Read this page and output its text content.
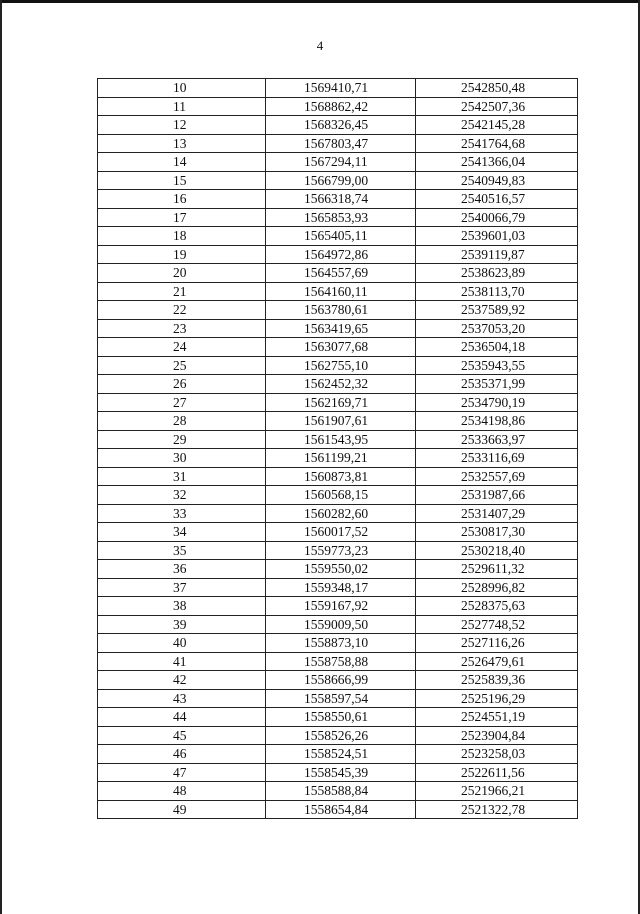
4
10	1569410,71	2542850,48
11	1568862,42	2542507,36
12	1568326,45	2542145,28
13	1567803,47	2541764,68
14	1567294,11	2541366,04
15	1566799,00	2540949,83
16	1566318,74	2540516,57
17	1565853,93	2540066,79
18	1565405,11	2539601,03
19	1564972,86	2539119,87
20	1564557,69	2538623,89
21	1564160,11	2538113,70
22	1563780,61	2537589,92
23	1563419,65	2537053,20
24	1563077,68	2536504,18
25	1562755,10	2535943,55
26	1562452,32	2535371,99
27	1562169,71	2534790,19
28	1561907,61	2534198,86
29	1561543,95	2533663,97
30	1561199,21	2533116,69
31	1560873,81	2532557,69
32	1560568,15	2531987,66
33	1560282,60	2531407,29
34	1560017,52	2530817,30
35	1559773,23	2530218,40
36	1559550,02	2529611,32
37	1559348,17	2528996,82
38	1559167,92	2528375,63
39	1559009,50	2527748,52
40	1558873,10	2527116,26
41	1558758,88	2526479,61
42	1558666,99	2525839,36
43	1558597,54	2525196,29
44	1558550,61	2524551,19
45	1558526,26	2523904,84
46	1558524,51	2523258,03
47	1558545,39	2522611,56
48	1558588,84	2521966,21
49	1558654,84	2521322,78
